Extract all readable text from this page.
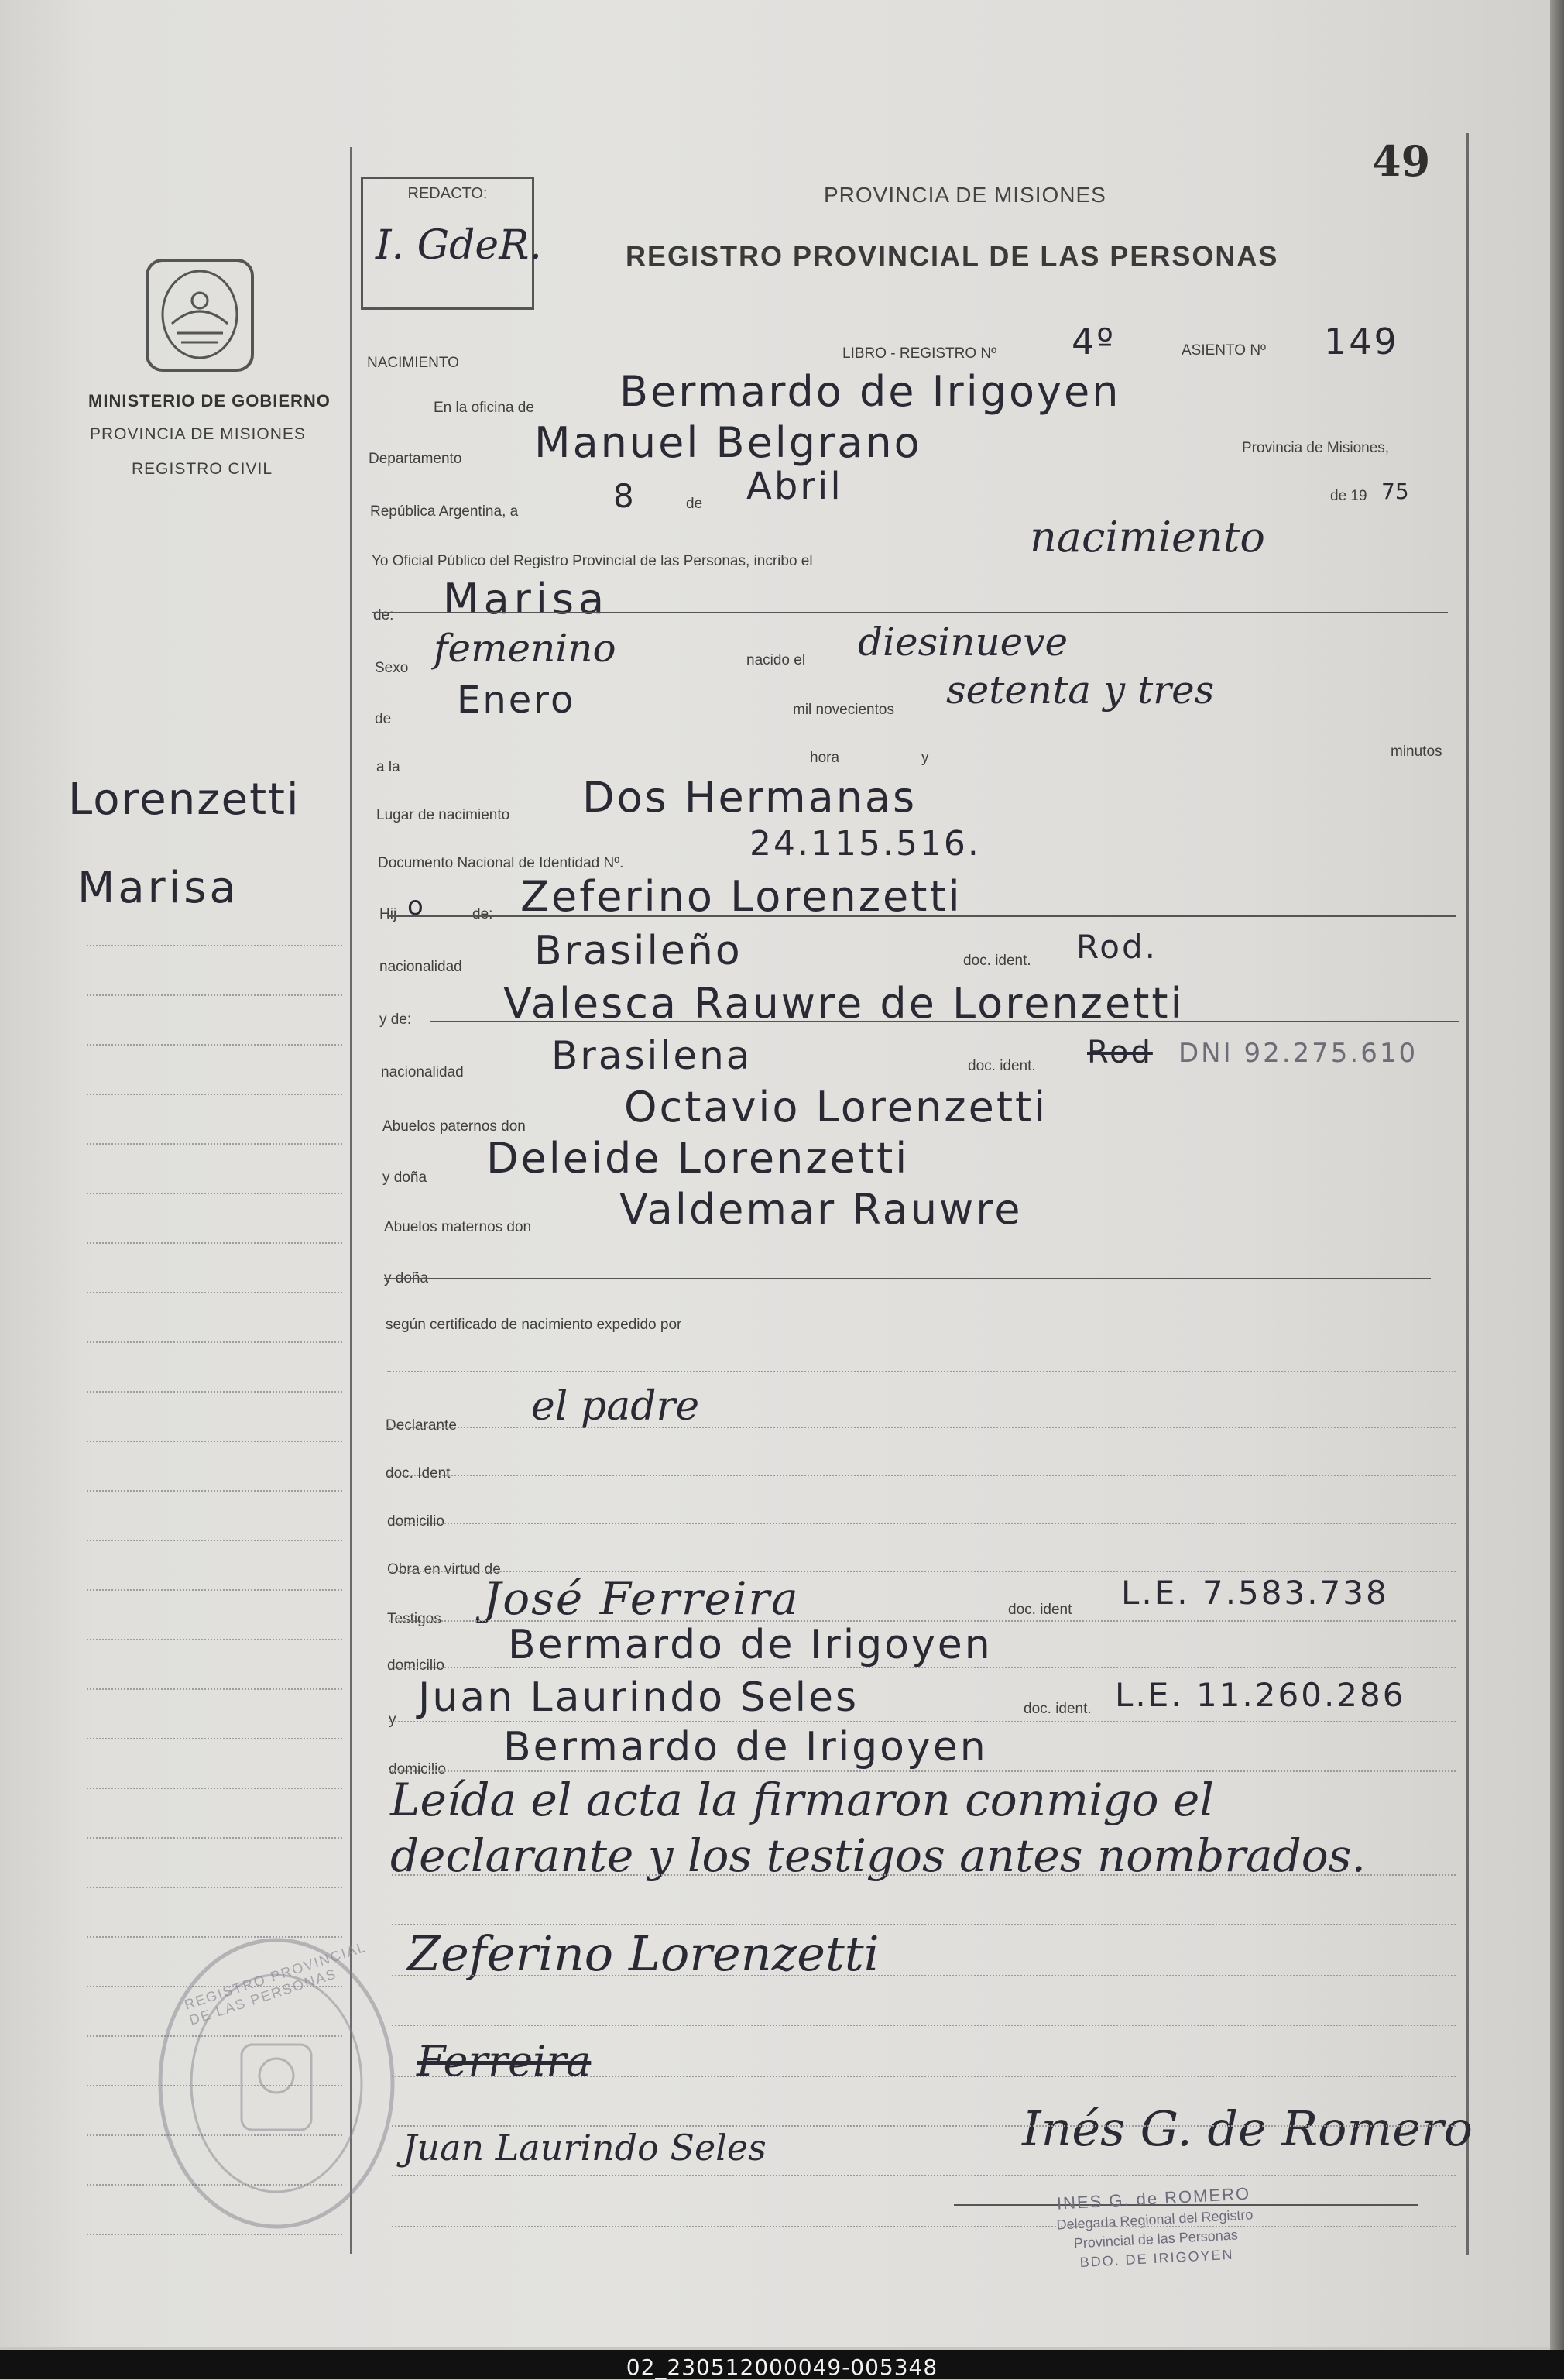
49
REDACTO:
I. GdeR.
PROVINCIA DE MISIONES
REGISTRO PROVINCIAL DE LAS PERSONAS
MINISTERIO DE GOBIERNO
PROVINCIA DE MISIONES
REGISTRO CIVIL
Lorenzetti
Marisa
NACIMIENTO
LIBRO - REGISTRO Nº 4º	ASIENTO Nº 149
En la oficina de Bermardo de Irigoyen
Departamento Manuel Belgrano	Provincia de Misiones,
República Argentina, a	8	de Abril	de 19 75
Yo Oficial Público del Registro Provincial de las Personas, incribo el	nacimiento
de: Marisa
Sexo femenino	nacido el diesinueve
de Enero	mil novecientos setenta y tres
a la
hora	y	minutos
Lugar de nacimiento Dos Hermanas
Documento Nacional de Identidad Nº.	24.115.516.
Hij o	de: Zeferino Lorenzetti
nacionalidad Brasileño	doc. ident. Rod.
y de: Valesca Rauwre de Lorenzetti
nacionalidad Brasilena	doc. ident. Rod DNI 92.275.610
Abuelos paternos don Octavio Lorenzetti
y doña Deleide Lorenzetti
Abuelos maternos don Valdemar Rauwre
y doña
según certificado de nacimiento expedido por
Declarante el padre
doc. Ident
domicilio
Obra en virtud de
Testigos José Ferreira	doc. ident L.E. 7.583.738
domicilio Bermardo de Irigoyen
y Juan Laurindo Seles	doc. ident. L.E. 11.260.286
domicilio Bermardo de Irigoyen
Leída el acta la firmaron conmigo el
declarante y los testigos antes nombrados.
Zeferino Lorenzetti
Ferreira
Juan Laurindo Seles	Inés G. de Romero
INES G. de ROMERO
Delegada Regional del Registro
Provincial de las Personas
BDO. DE IRIGOYEN
REGISTRO PROVINCIAL DE LAS PERSONAS
02_230512000049-005348
